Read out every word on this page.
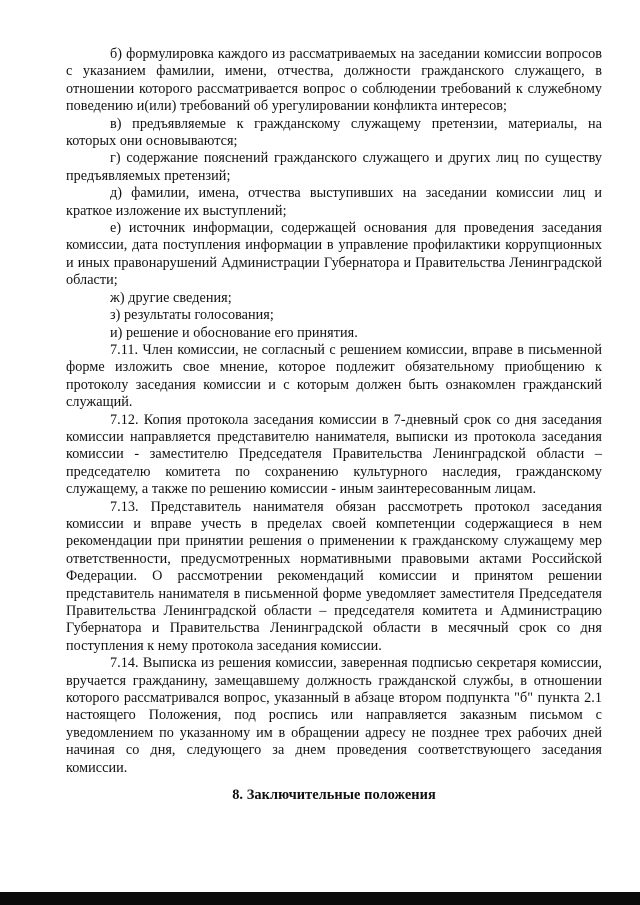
б) формулировка каждого из рассматриваемых на заседании комиссии вопросов с указанием фамилии, имени, отчества, должности гражданского служащего, в отношении которого рассматривается вопрос о соблюдении требований к служебному поведению и(или) требований об урегулировании конфликта интересов;

в) предъявляемые к гражданскому служащему претензии, материалы, на которых они основываются;

г) содержание пояснений гражданского служащего и других лиц по существу предъявляемых претензий;

д) фамилии, имена, отчества выступивших на заседании комиссии лиц и краткое изложение их выступлений;

е) источник информации, содержащей основания для проведения заседания комиссии, дата поступления информации в управление профилактики коррупционных и иных правонарушений Администрации Губернатора и Правительства Ленинградской области;

ж) другие сведения;

з) результаты голосования;

и) решение и обоснование его принятия.

7.11. Член комиссии, не согласный с решением комиссии, вправе в письменной форме изложить свое мнение, которое подлежит обязательному приобщению к протоколу заседания комиссии и с которым должен быть ознакомлен гражданский служащий.

7.12. Копия протокола заседания комиссии в 7-дневный срок со дня заседания комиссии направляется представителю нанимателя, выписки из протокола заседания комиссии - заместителю Председателя Правительства Ленинградской области – председателю комитета по сохранению культурного наследия, гражданскому служащему, а также по решению комиссии - иным заинтересованным лицам.

7.13. Представитель нанимателя обязан рассмотреть протокол заседания комиссии и вправе учесть в пределах своей компетенции содержащиеся в нем рекомендации при принятии решения о применении к гражданскому служащему мер ответственности, предусмотренных нормативными правовыми актами Российской Федерации. О рассмотрении рекомендаций комиссии и принятом решении представитель нанимателя в письменной форме уведомляет заместителя Председателя Правительства Ленинградской области – председателя комитета и Администрацию Губернатора и Правительства Ленинградской области в месячный срок со дня поступления к нему протокола заседания комиссии.

7.14. Выписка из решения комиссии, заверенная подписью секретаря комиссии, вручается гражданину, замещавшему должность гражданской службы, в отношении которого рассматривался вопрос, указанный в абзаце втором подпункта "б" пункта 2.1 настоящего Положения, под роспись или направляется заказным письмом с уведомлением по указанному им в обращении адресу не позднее трех рабочих дней начиная со дня, следующего за днем проведения соответствующего заседания комиссии.

8. Заключительные положения
